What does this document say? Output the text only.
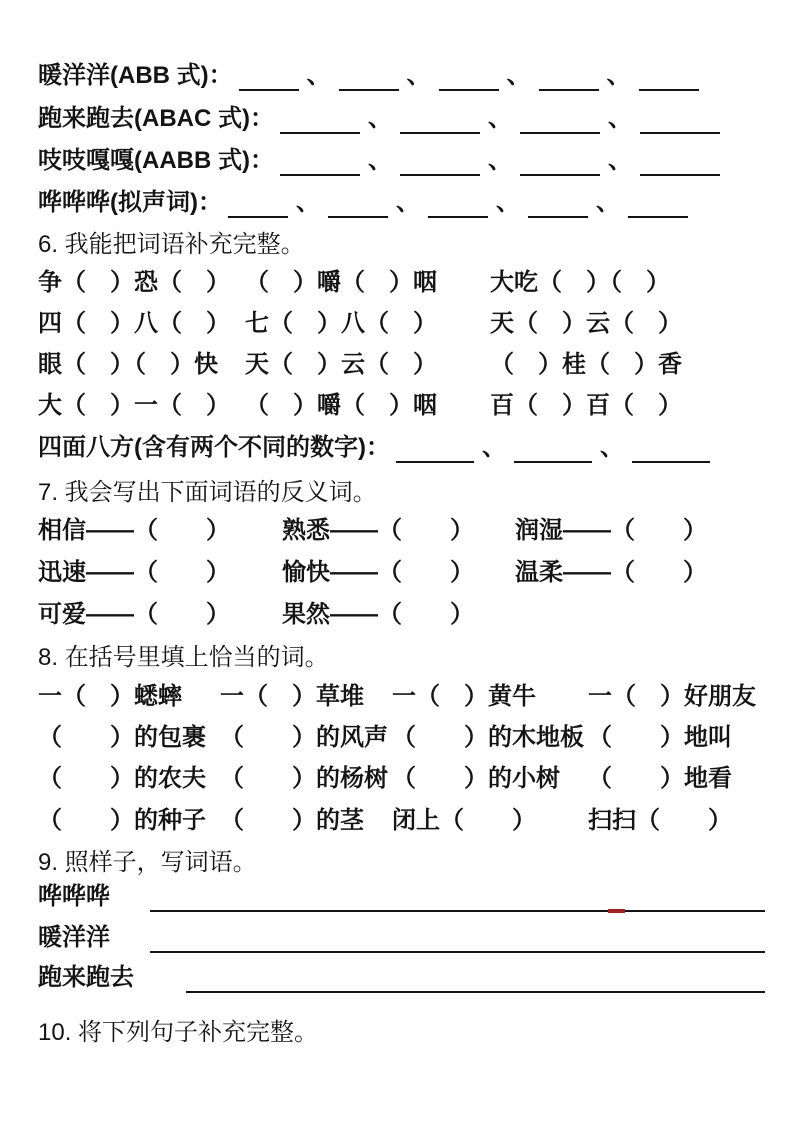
暖洋洋(ABB 式)：	、	、	、	、
跑来跑去(ABAC 式)：	、	、	、
吱吱嘎嘎(AABB 式)：	、	、	、
哗哗哗(拟声词)：	、	、	、	、
6. 我能把词语补充完整。
争（　）恐（　） （　）嚼（　）咽	大吃（　）（　）
四（　）八（　） 七（　）八（　）	天（　）云（　）
眼（　）（　）快	天（　）云（　）	（　）桂（　）香
大（　）一（　） （　）嚼（　）咽	百（　）百（　）
四面八方(含有两个不同的数字)：	、	、
7. 我会写出下面词语的反义词。
相信——（　　）	熟悉——（　　）	润湿——（　　）
迅速——（　　）	愉快——（　　）	温柔——（　　）
可爱——（　　）	果然——（　　）
8. 在括号里填上恰当的词。
一（　）蟋蟀	一（　）草堆	一（　）黄牛	一（　）好朋友
（　　）的包裹 （　　）的风声 （　　）的木地板 （　　）地叫
（　　）的农夫 （　　）的杨树 （　　）的小树	（　　）地看
（　　）的种子 （　　）的茎	闭上（　　）	扫扫（　　）
9. 照样子，写词语。
哗哗哗
暖洋洋
跑来跑去
10. 将下列句子补充完整。
